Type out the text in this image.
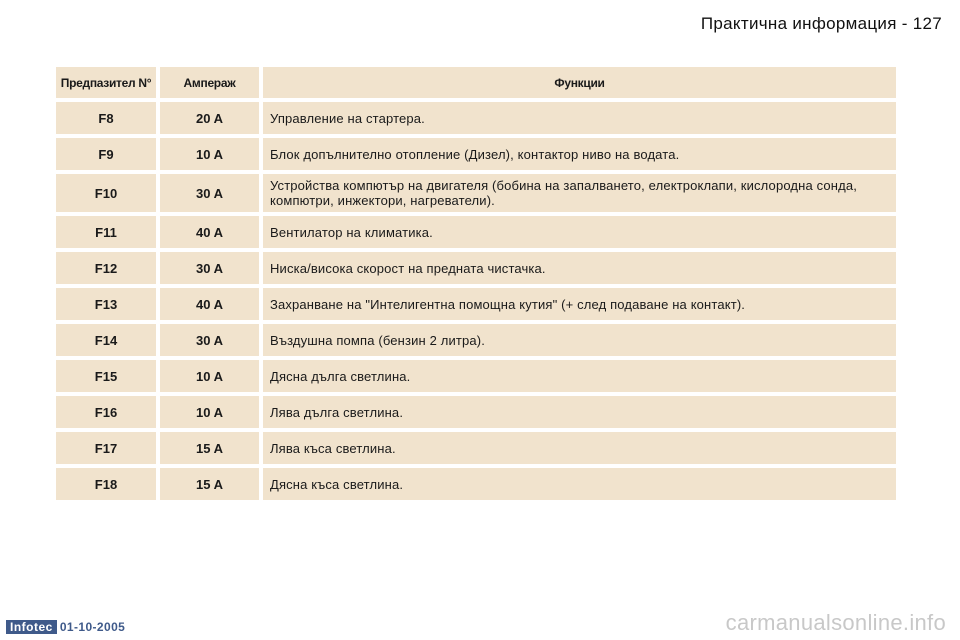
Практична информация - 127
Предпазител N°	Ампераж	Функции
F8	20 A	Управление на стартера.
F9	10 A	Блок допълнително отопление (Дизел), контактор ниво на водата.
F10	30 A	Устройства компютър на двигателя (бобина на запалването, електроклапи, кислородна сонда, компютри, инжектори, нагреватели).
F11	40 A	Вентилатор на климатика.
F12	30 A	Ниска/висока скорост на предната чистачка.
F13	40 A	Захранване на "Интелигентна помощна кутия" (+ след подаване на контакт).
F14	30 A	Въздушна помпа (бензин 2 литра).
F15	10 A	Дясна дълга светлина.
F16	10 A	Лява дълга светлина.
F17	15 A	Лява къса светлина.
F18	15 A	Дясна къса светлина.
Infotec 01-10-2005	carmanualsonline.info
